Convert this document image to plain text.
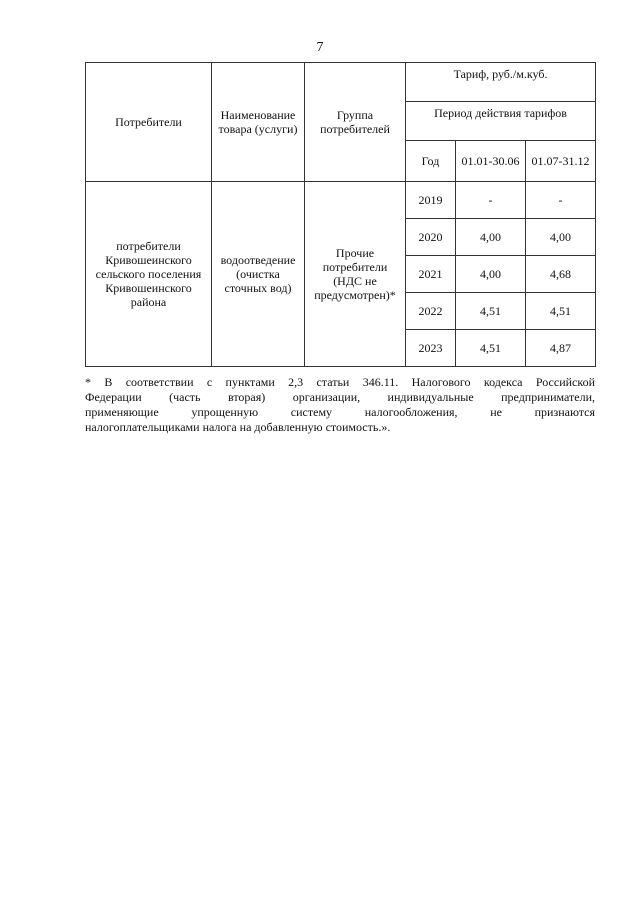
7
Потребители	Наименование товара (услуги)	Группа потребителей	Тариф, руб./м.куб.		
			Период действия тарифов		
			Год	01.01-30.06	01.07-31.12
потребители Кривошеинского сельского поселения Кривошеинского района	водоотведение (очистка сточных вод)	Прочие потребители (НДС не предусмотрен)*	2019	-	-
			2020	4,00	4,00
			2021	4,00	4,68
			2022	4,51	4,51
			2023	4,51	4,87
* В соответствии с пунктами 2,3 статьи 346.11. Налогового кодекса Российской
Федерации (часть вторая) организации, индивидуальные предприниматели,
применяющие упрощенную систему налогообложения, не признаются
налогоплательщиками налога на добавленную стоимость.».
